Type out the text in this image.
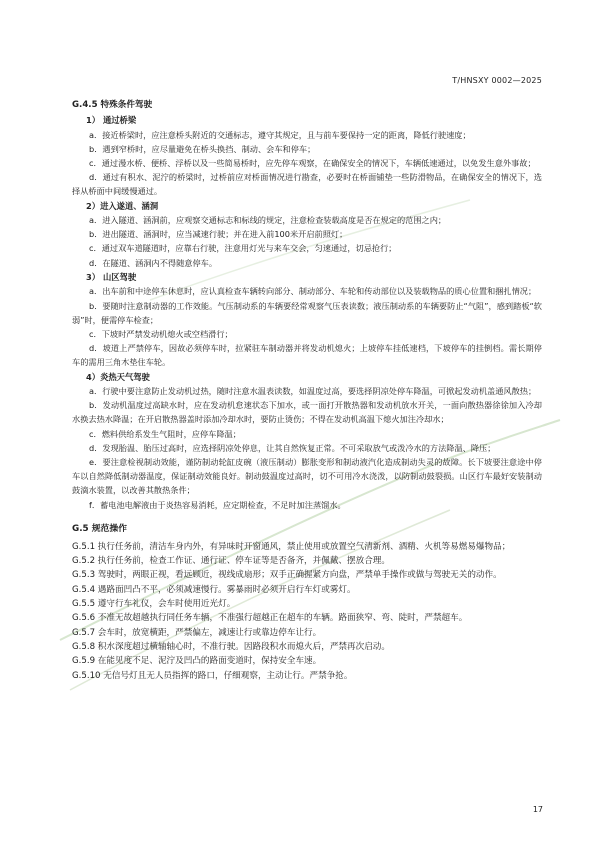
T/HNSXY 0002—2025

G.4.5 特殊条件驾驶

1） 通过桥梁

a．接近桥梁时，应注意桥头附近的交通标志，遵守其规定，且与前车要保持一定的距离，降低行驶速度；

b．遇到窄桥时，应尽量避免在桥头换挡、制动、会车和停车；

c．通过漫水桥、便桥、浮桥以及一些简易桥时，应先停车观察，在确保安全的情况下，车辆低速通过，以免发生意外事故；

d．通过有积水、泥泞的桥梁时，过桥前应对桥面情况进行勘查，必要时在桥面铺垫一些防滑物品，在确保安全的情况下，选择从桥面中间缓慢通过。

2）进入遂道、涵洞

a．进入隧道、涵洞前，应观察交通标志和标线的规定，注意检查装载高度是否在规定的范围之内；

b．进出隧道、涵洞时，应当减速行驶；并在进入前100米开启前照灯；

c．通过双车道隧道时，应靠右行驶，注意用灯光与来车交会，匀速通过，切忌抢行；

d．在隧道、涵洞内不得随意停车。

3） 山区驾驶

a．出车前和中途停车休息时，应认真检查车辆转向部分、制动部分、车轮和传动部位以及装载物品的质心位置和捆扎情况；

b．要随时注意制动器的工作效能。气压制动系的车辆要经常观察气压表读数；液压制动系的车辆要防止“气阻”，感到踏板“软弱”时，便需停车检查；

c．下坡时严禁发动机熄火或空档滑行；

d．坡道上严禁停车，因故必须停车时，拉紧驻车制动器并将发动机熄火；上坡停车挂低速档，下坡停车的挂倒档。需长期停车的需用三角木垫住车轮。

4）炎热天气驾驶

a．行驶中要注意防止发动机过热，随时注意水温表读数，如温度过高，要选择阴凉处停车降温，可掀起发动机盖通风散热；

b．发动机温度过高缺水时，应在发动机怠速状态下加水，或一面打开散热器和发动机放水开关，一面向散热器徐徐加入冷却水换去热水降温；在开启散热器盖时添加冷却水时，要防止烫伤；不得在发动机高温下熄火加注冷却水；

c．燃料供给系发生气阻时，应停车降温；

d．发现胎温、胎压过高时，应选择阴凉处停息，让其自然恢复正常。不可采取放气或泼冷水的方法降温、降压；

e．要注意检视制动效能，谨防制动轮缸皮碗（液压制动）膨胀变形和制动液汽化造成制动失灵的故障。长下坡要注意途中停车以自然降低制动器温度，保证制动效能良好。制动鼓温度过高时，切不可用冷水浇泼，以防制动鼓裂损。山区行车最好安装制动鼓滴水装置，以改善其散热条件；

f．蓄电池电解液由于炎热容易消耗，应定期检查，不足时加注蒸馏水。

G.5 规范操作

G.5.1 执行任务前，清洁车身内外，有异味时开窗通风，禁止使用或放置空气清新剂、酒精、火机等易燃易爆物品；

G.5.2 执行任务前，检查工作证、通行证、停车证等是否备齐，并佩戴、摆放合理。

G.5.3 驾驶时，两眼正视，看远顾近，视线成扇形；双手正确握紧方向盘，严禁单手操作或做与驾驶无关的动作。

G.5.4 遇路面凹凸不平，必须减速慢行。雾暴雨时必须开启行车灯或雾灯。

G.5.5 遵守行车礼仪，会车时使用近光灯。

G.5.6 不准无故超越执行同任务车辆，不准强行超越正在超车的车辆。路面狭窄、弯、陡时，严禁超车。

G.5.7 会车时，放宽横距，严禁偏左，减速让行或靠边停车让行。

G.5.8 积水深度超过横轴轴心时，不准行驶。因路段积水而熄火后，严禁再次启动。

G.5.9 在能见度不足、泥泞及凹凸的路面变道时，保持安全车速。

G.5.10 无信号灯且无人员指挥的路口，仔细观察，主动让行。严禁争抢。

17
